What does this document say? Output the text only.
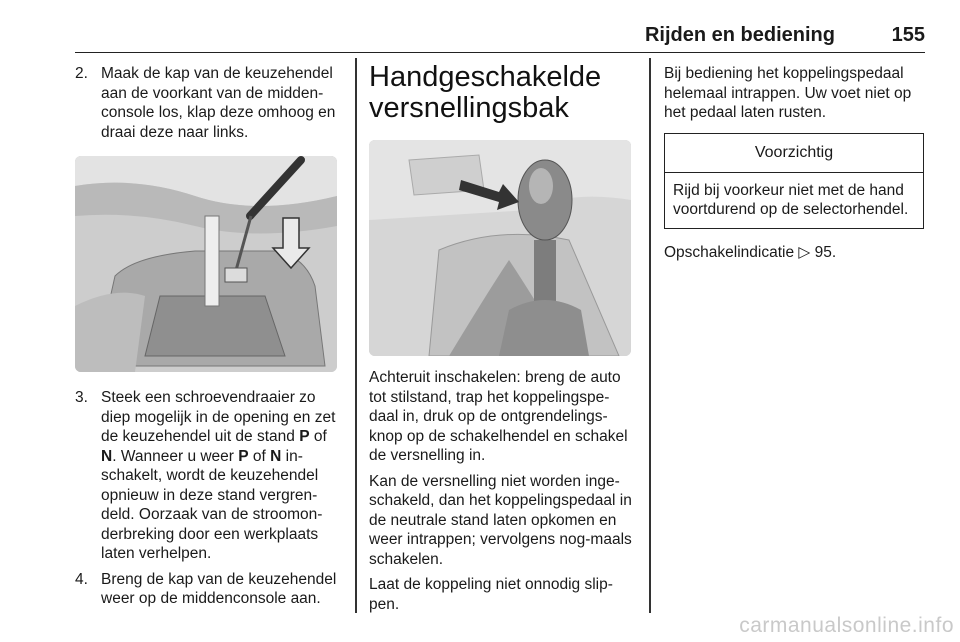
Rijden en bediening	155
2. Maak de kap van de keuzehendel aan de voorkant van de midden-console los, klap deze omhoog en draai deze naar links.
3. Steek een schroevendraaier zo diep mogelijk in de opening en zet de keuzehendel uit de stand P of N. Wanneer u weer P of N in-schakelt, wordt de keuzehendel opnieuw in deze stand vergren-deld. Oorzaak van de stroomon-derbreking door een werkplaats laten verhelpen.
4. Breng de kap van de keuzehendel weer op de middenconsole aan.
Handgeschakelde versnellingsbak

Achteruit inschakelen: breng de auto tot stilstand, trap het koppelingspe-daal in, druk op de ontgrendelings-knop op de schakelhendel en schakel de versnelling in.

Kan de versnelling niet worden inge-schakeld, dan het koppelingspedaal in de neutrale stand laten opkomen en weer intrappen; vervolgens nog-maals schakelen.

Laat de koppeling niet onnodig slip-pen.

Bij bediening het koppelingspedaal helemaal intrappen. Uw voet niet op het pedaal laten rusten.

Voorzichtig
Rijd bij voorkeur niet met de hand voortdurend op de selectorhendel.

Opschakelindicatie ▷ 95.

carmanualsonline.info
